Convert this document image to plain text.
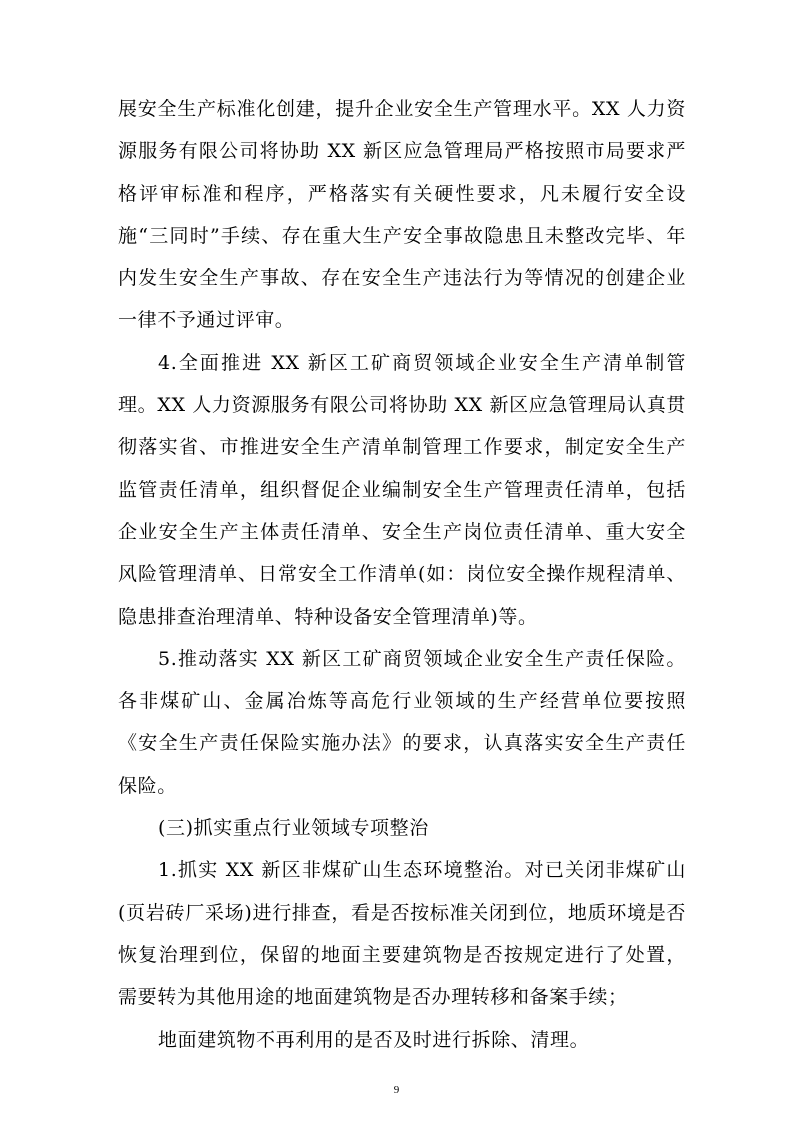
展安全生产标准化创建，提升企业安全生产管理水平。XX 人力资源服务有限公司将协助 XX 新区应急管理局严格按照市局要求严格评审标准和程序，严格落实有关硬性要求，凡未履行安全设施“三同时”手续、存在重大生产安全事故隐患且未整改完毕、年内发生安全生产事故、存在安全生产违法行为等情况的创建企业一律不予通过评审。

4.全面推进 XX 新区工矿商贸领域企业安全生产清单制管理。XX 人力资源服务有限公司将协助 XX 新区应急管理局认真贯彻落实省、市推进安全生产清单制管理工作要求，制定安全生产监管责任清单，组织督促企业编制安全生产管理责任清单，包括企业安全生产主体责任清单、安全生产岗位责任清单、重大安全风险管理清单、日常安全工作清单(如：岗位安全操作规程清单、隐患排查治理清单、特种设备安全管理清单)等。

5.推动落实 XX 新区工矿商贸领域企业安全生产责任保险。各非煤矿山、金属冶炼等高危行业领域的生产经营单位要按照《安全生产责任保险实施办法》的要求，认真落实安全生产责任保险。

(三)抓实重点行业领域专项整治

1.抓实 XX 新区非煤矿山生态环境整治。对已关闭非煤矿山(页岩砖厂采场)进行排查，看是否按标准关闭到位，地质环境是否恢复治理到位，保留的地面主要建筑物是否按规定进行了处置，需要转为其他用途的地面建筑物是否办理转移和备案手续；

地面建筑物不再利用的是否及时进行拆除、清理。

9
